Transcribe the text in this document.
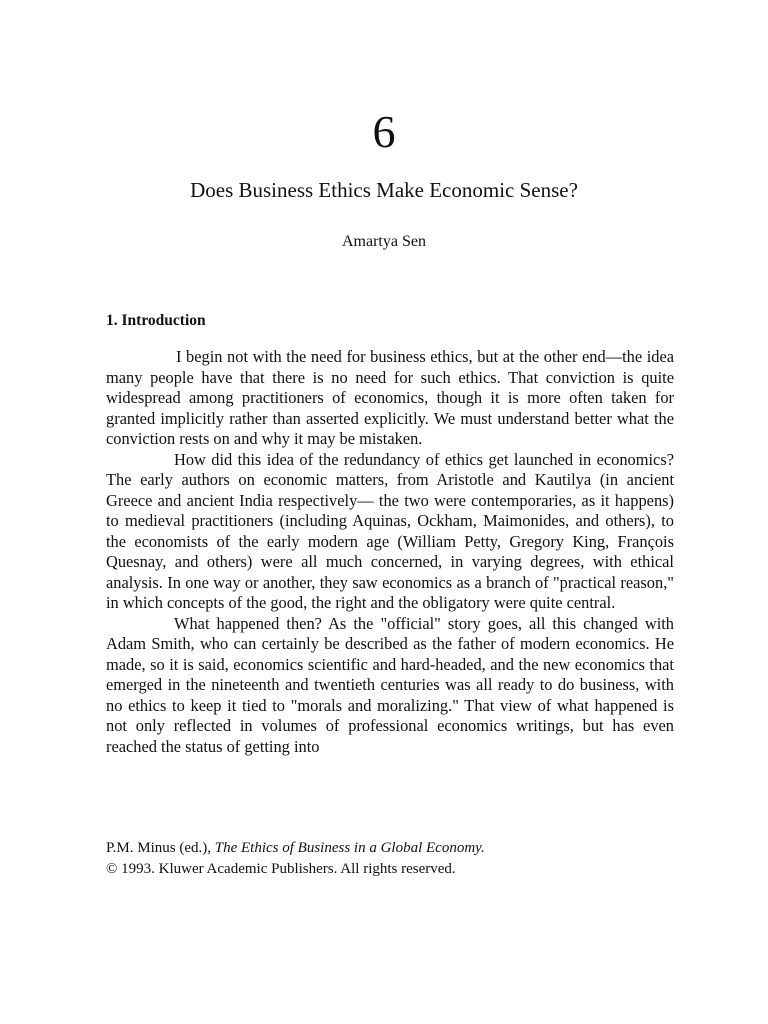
6
Does Business Ethics Make Economic Sense?
Amartya Sen
1. Introduction

I begin not with the need for business ethics, but at the other end—the idea many people have that there is no need for such ethics. That conviction is quite widespread among practitioners of economics, though it is more often taken for granted implicitly rather than asserted explicitly. We must understand better what the conviction rests on and why it may be mistaken.

How did this idea of the redundancy of ethics get launched in economics? The early authors on economic matters, from Aristotle and Kautilya (in ancient Greece and ancient India respectively— the two were contemporaries, as it happens) to medieval practitioners (including Aquinas, Ockham, Maimonides, and others), to the economists of the early modern age (William Petty, Gregory King, François Quesnay, and others) were all much concerned, in varying degrees, with ethical analysis. In one way or another, they saw economics as a branch of "practical reason," in which concepts of the good, the right and the obligatory were quite central.

What happened then? As the "official" story goes, all this changed with Adam Smith, who can certainly be described as the father of modern economics. He made, so it is said, economics scientific and hard-headed, and the new economics that emerged in the nineteenth and twentieth centuries was all ready to do business, with no ethics to keep it tied to "morals and moralizing." That view of what happened is not only reflected in volumes of professional economics writings, but has even reached the status of getting into

P.M. Minus (ed.), The Ethics of Business in a Global Economy.
© 1993. Kluwer Academic Publishers. All rights reserved.
